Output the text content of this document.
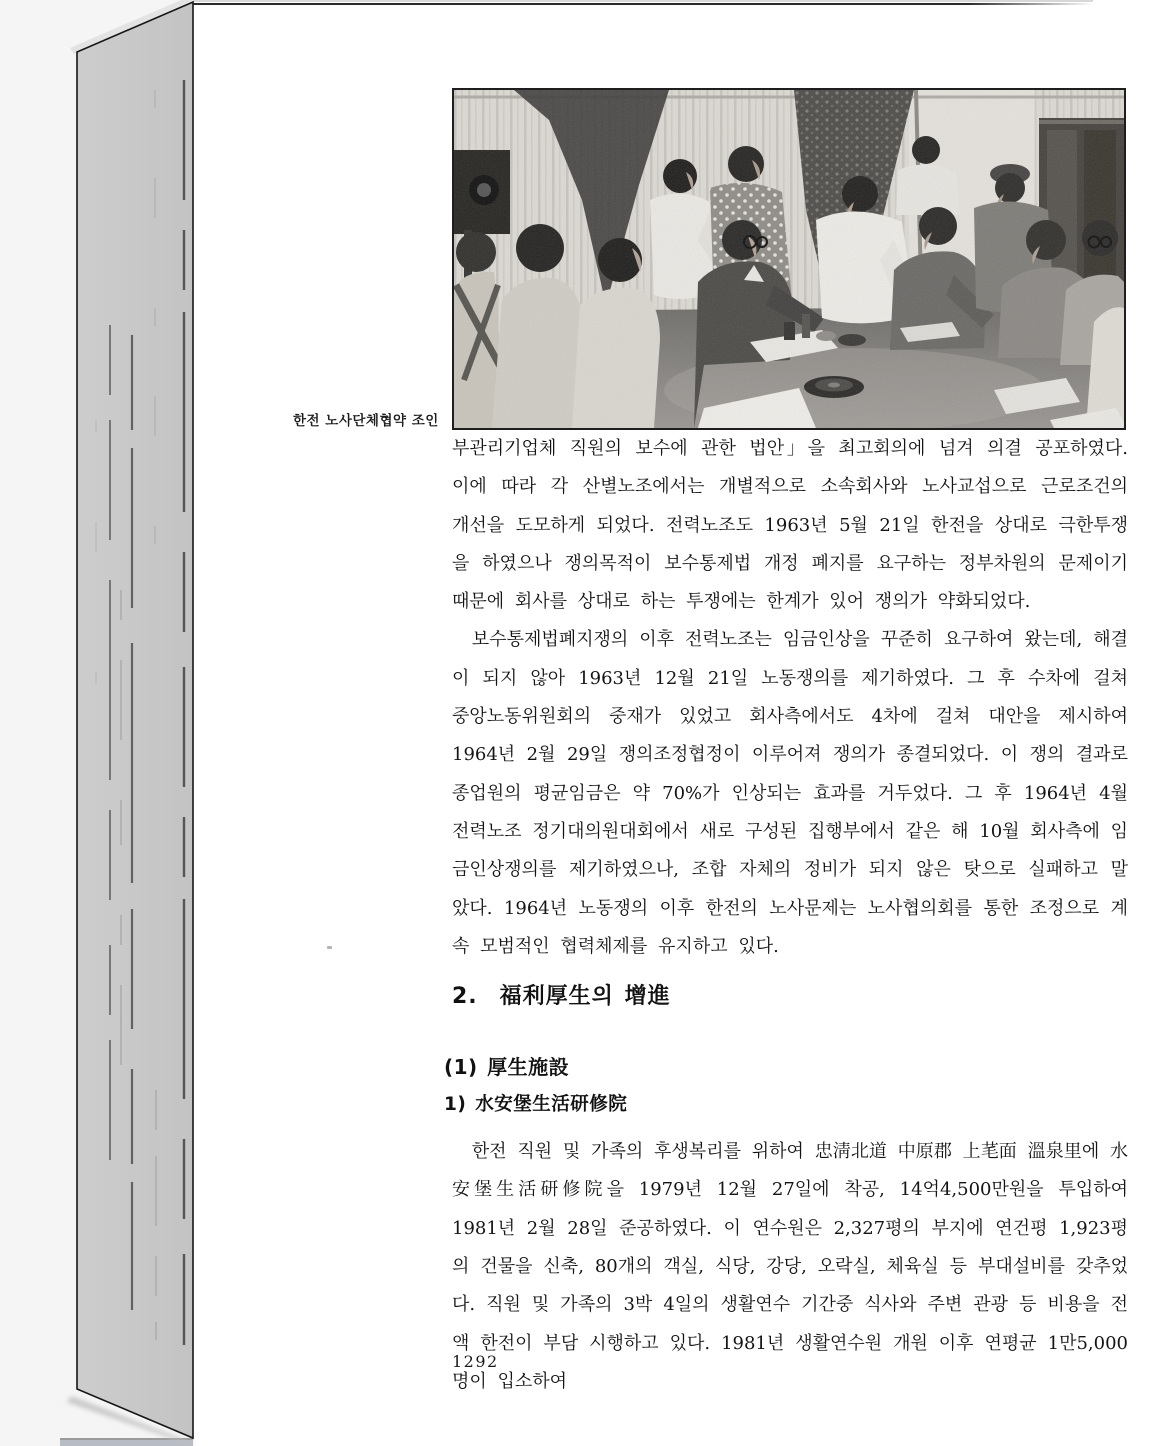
한전 노사단체협약 조인

부관리기업체 직원의 보수에 관한 법안」을 최고회의에 넘겨 의결 공포하였다. 이에 따라 각 산별노조에서는 개별적으로 소속회사와 노사교섭으로 근로조건의 개선을 도모하게 되었다. 전력노조도 1963년 5월 21일 한전을 상대로 극한투쟁을 하였으나 쟁의목적이 보수통제법 개정 폐지를 요구하는 정부차원의 문제이기 때문에 회사를 상대로 하는 투쟁에는 한계가 있어 쟁의가 약화되었다.

보수통제법폐지쟁의 이후 전력노조는 임금인상을 꾸준히 요구하여 왔는데, 해결이 되지 않아 1963년 12월 21일 노동쟁의를 제기하였다. 그 후 수차에 걸쳐 중앙노동위원회의 중재가 있었고 회사측에서도 4차에 걸쳐 대안을 제시하여 1964년 2월 29일 쟁의조정협정이 이루어져 쟁의가 종결되었다. 이 쟁의 결과로 종업원의 평균임금은 약 70%가 인상되는 효과를 거두었다. 그 후 1964년 4월 전력노조 정기대의원대회에서 새로 구성된 집행부에서 같은 해 10월 회사측에 임금인상쟁의를 제기하였으나, 조합 자체의 정비가 되지 않은 탓으로 실패하고 말았다. 1964년 노동쟁의 이후 한전의 노사문제는 노사협의회를 통한 조정으로 계속 모범적인 협력체제를 유지하고 있다.

2. 福利厚生의 增進
(1) 厚生施設
1) 水安堡生活研修院

한전 직원 및 가족의 후생복리를 위하여 忠淸北道 中原郡 上芼面 溫泉里에 水安堡生活研修院을 1979년 12월 27일에 착공, 14억4,500만원을 투입하여 1981년 2월 28일 준공하였다. 이 연수원은 2,327평의 부지에 연건평 1,923평의 건물을 신축, 80개의 객실, 식당, 강당, 오락실, 체육실 등 부대설비를 갖추었다. 직원 및 가족의 3박 4일의 생활연수 기간중 식사와 주변 관광 등 비용을 전액 한전이 부담 시행하고 있다. 1981년 생활연수원 개원 이후 연평균 1만5,000명이 입소하여

1292
